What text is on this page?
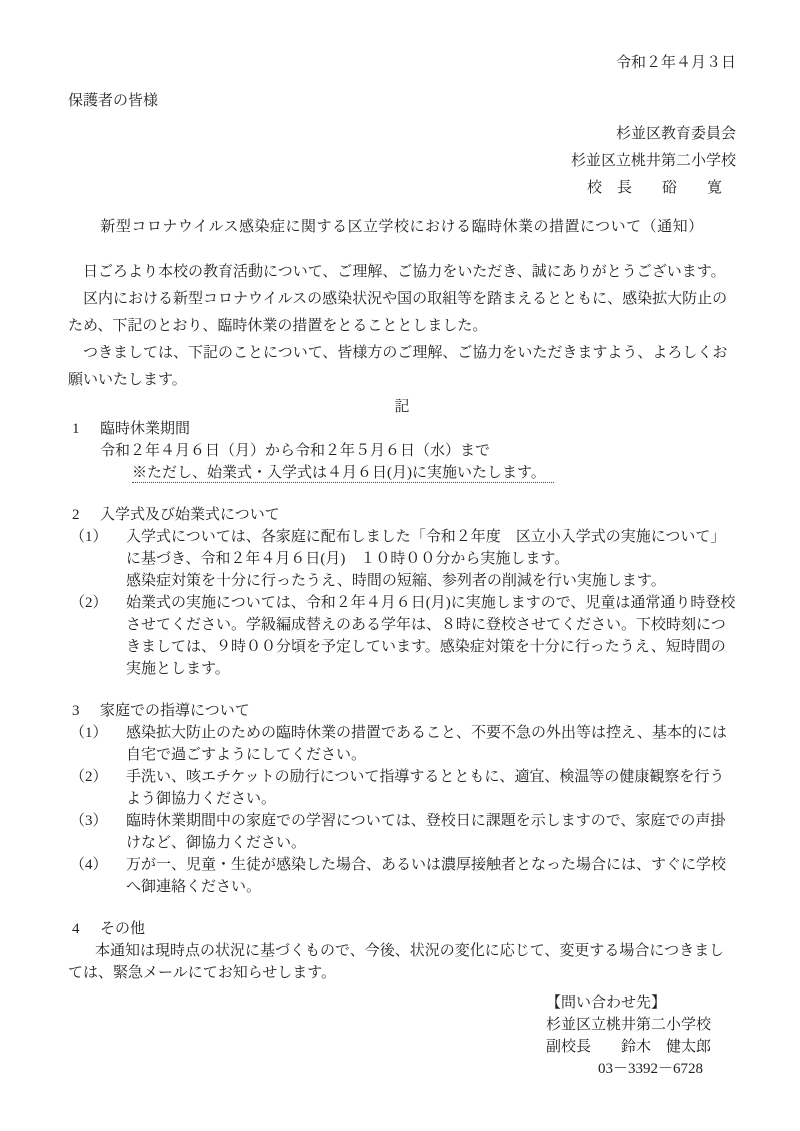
令和２年４月３日
保護者の皆様
杉並区教育委員会
杉並区立桃井第二小学校
校　長　　硲　　寛
新型コロナウイルス感染症に関する区立学校における臨時休業の措置について（通知）

　日ごろより本校の教育活動について、ご理解、ご協力をいただき、誠にありがとうございます。

　区内における新型コロナウイルスの感染状況や国の取組等を踏まえるとともに、感染拡大防止のため、下記のとおり、臨時休業の措置をとることとしました。

　つきましては、下記のことについて、皆様方のご理解、ご協力をいただきますよう、よろしくお願いいたします。

記
1	臨時休業期間
令和２年４月６日（月）から令和２年５月６日（水）まで
※ただし、始業式・入学式は４月６日(月)に実施いたします。
2	入学式及び始業式について
（1）	入学式については、各家庭に配布しました「令和２年度　区立小入学式の実施について」に基づき、令和２年４月６日(月)　１０時００分から実施します。

感染症対策を十分に行ったうえ、時間の短縮、参列者の削減を行い実施します。

（2）	始業式の実施については、令和２年４月６日(月)に実施しますので、児童は通常通り時登校させてください。学級編成替えのある学年は、８時に登校させてください。下校時刻につきましては、９時００分頃を予定しています。感染症対策を十分に行ったうえ、短時間の実施とします。

3	家庭での指導について
（1）	感染拡大防止のための臨時休業の措置であること、不要不急の外出等は控え、基本的には自宅で過ごすようにしてください。

（2）	手洗い、咳エチケットの励行について指導するとともに、適宜、検温等の健康観察を行うよう御協力ください。

（3）	臨時休業期間中の家庭での学習については、登校日に課題を示しますので、家庭での声掛けなど、御協力ください。

（4）	万が一、児童・生徒が感染した場合、あるいは濃厚接触者となった場合には、すぐに学校へ御連絡ください。

4	その他

　本通知は現時点の状況に基づくもので、今後、状況の変化に応じて、変更する場合につきましては、緊急メールにてお知らせします。

【問い合わせ先】
杉並区立桃井第二小学校
副校長　　鈴木　健太郎
03－3392－6728
